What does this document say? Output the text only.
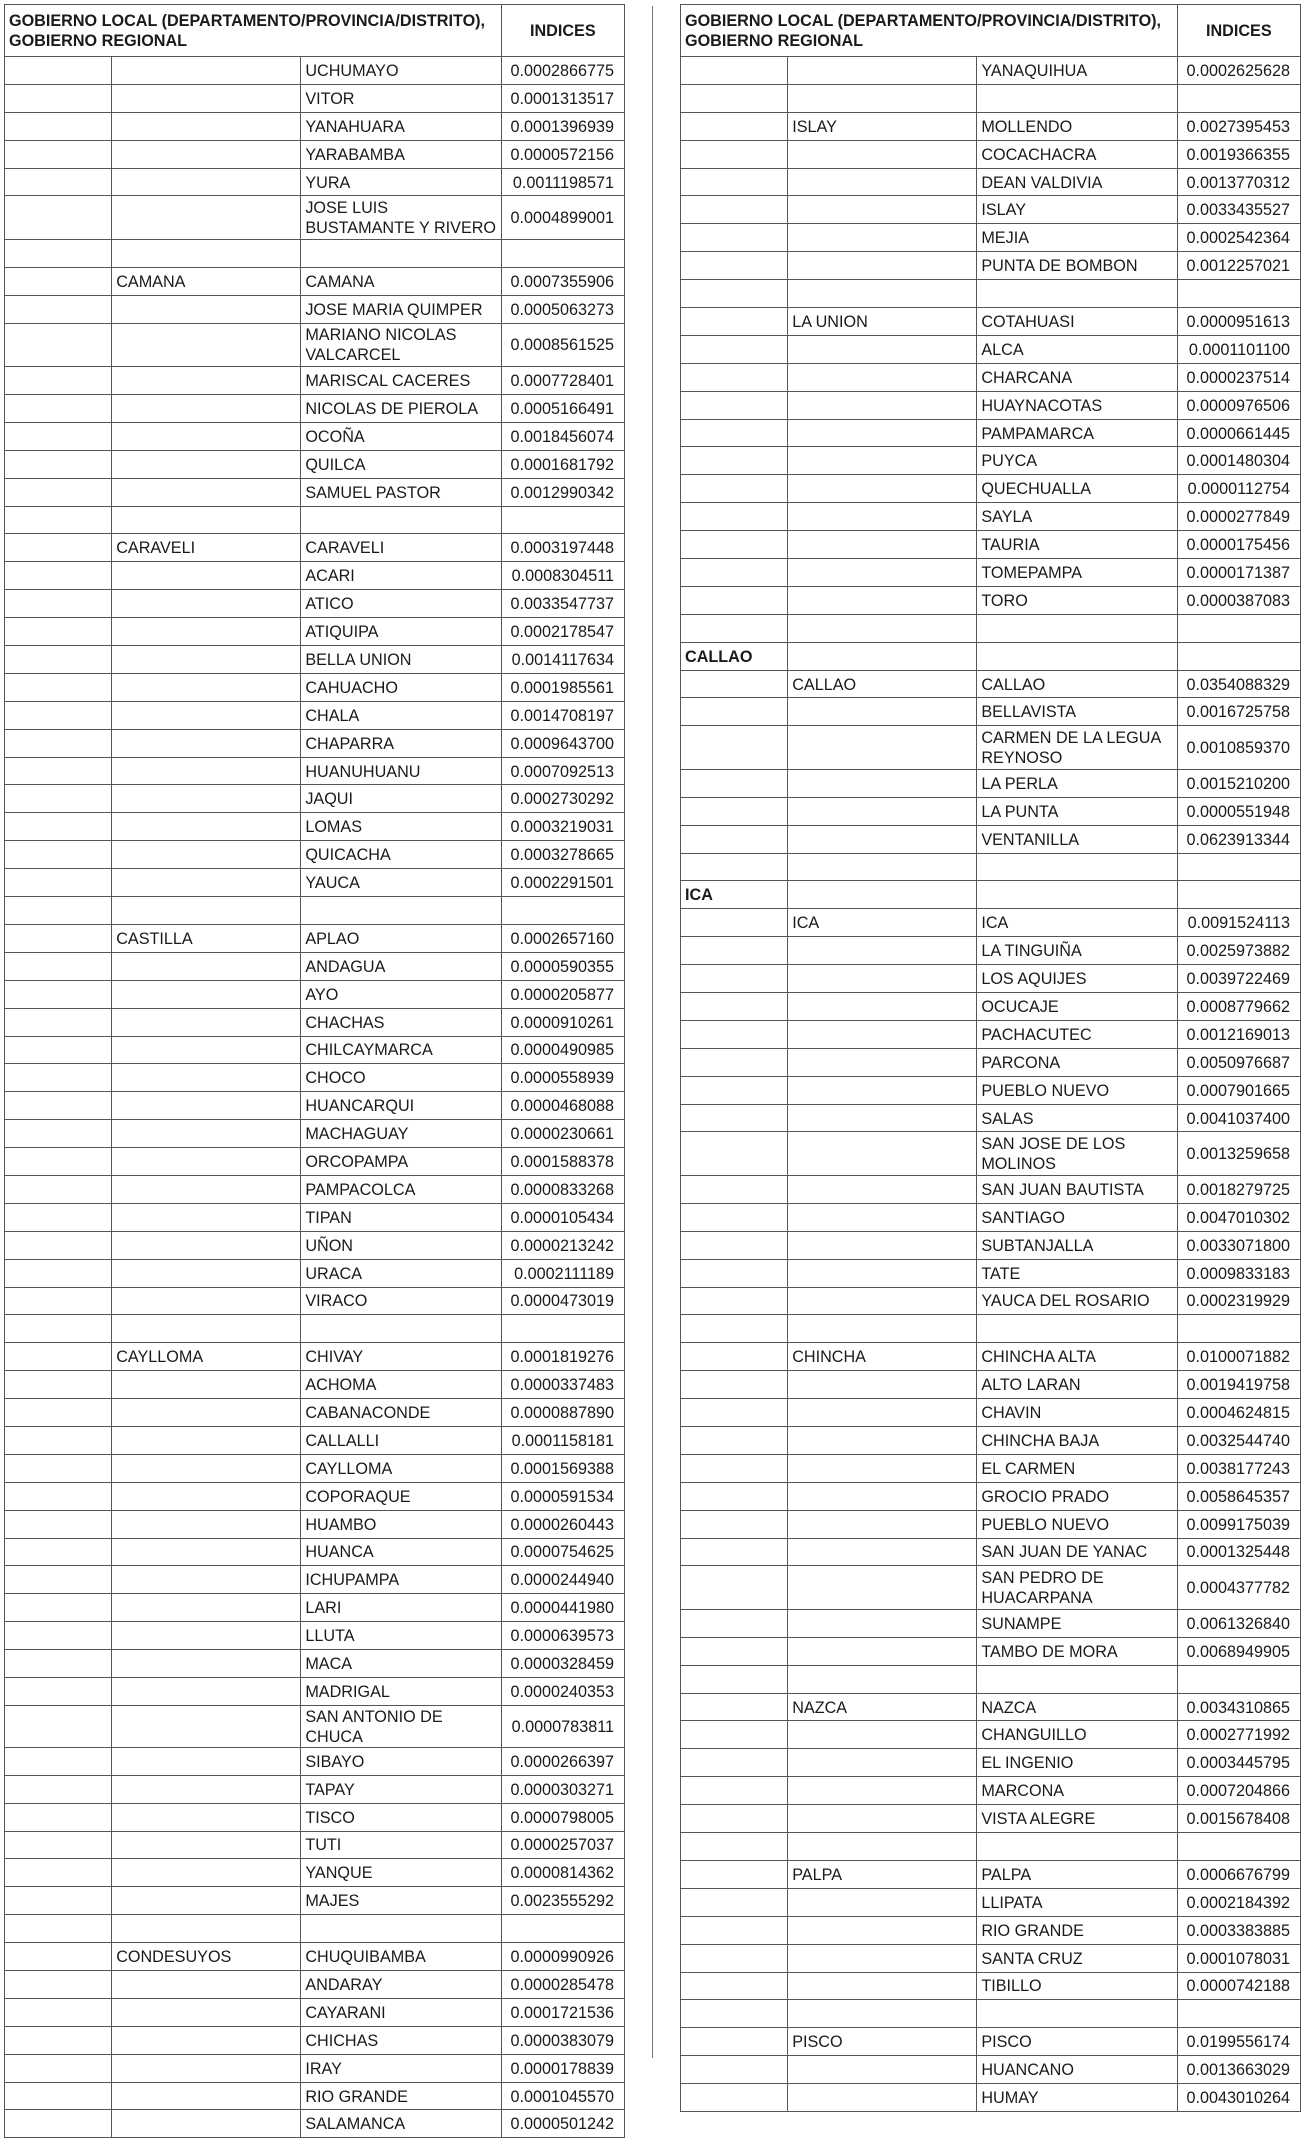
GOBIERNO LOCAL (DEPARTAMENTO/PROVINCIA/DISTRITO), GOBIERNO REGIONAL			INDICES
		UCHUMAYO	0.0002866775
		VITOR	0.0001313517
		YANAHUARA	0.0001396939
		YARABAMBA	0.0000572156
		YURA	0.0011198571
		JOSE LUIS BUSTAMANTE Y RIVERO	0.0004899001

	CAMANA	CAMANA	0.0007355906
		JOSE MARIA QUIMPER	0.0005063273
		MARIANO NICOLAS VALCARCEL	0.0008561525
		MARISCAL CACERES	0.0007728401
		NICOLAS DE PIEROLA	0.0005166491
		OCOÑA	0.0018456074
		QUILCA	0.0001681792
		SAMUEL PASTOR	0.0012990342

	CARAVELI	CARAVELI	0.0003197448
		ACARI	0.0008304511
		ATICO	0.0033547737
		ATIQUIPA	0.0002178547
		BELLA UNION	0.0014117634
		CAHUACHO	0.0001985561
		CHALA	0.0014708197
		CHAPARRA	0.0009643700
		HUANUHUANU	0.0007092513
		JAQUI	0.0002730292
		LOMAS	0.0003219031
		QUICACHA	0.0003278665
		YAUCA	0.0002291501

	CASTILLA	APLAO	0.0002657160
		ANDAGUA	0.0000590355
		AYO	0.0000205877
		CHACHAS	0.0000910261
		CHILCAYMARCA	0.0000490985
		CHOCO	0.0000558939
		HUANCARQUI	0.0000468088
		MACHAGUAY	0.0000230661
		ORCOPAMPA	0.0001588378
		PAMPACOLCA	0.0000833268
		TIPAN	0.0000105434
		UÑON	0.0000213242
		URACA	0.0002111189
		VIRACO	0.0000473019

	CAYLLOMA	CHIVAY	0.0001819276
		ACHOMA	0.0000337483
		CABANACONDE	0.0000887890
		CALLALLI	0.0001158181
		CAYLLOMA	0.0001569388
		COPORAQUE	0.0000591534
		HUAMBO	0.0000260443
		HUANCA	0.0000754625
		ICHUPAMPA	0.0000244940
		LARI	0.0000441980
		LLUTA	0.0000639573
		MACA	0.0000328459
		MADRIGAL	0.0000240353
		SAN ANTONIO DE CHUCA	0.0000783811
		SIBAYO	0.0000266397
		TAPAY	0.0000303271
		TISCO	0.0000798005
		TUTI	0.0000257037
		YANQUE	0.0000814362
		MAJES	0.0023555292

	CONDESUYOS	CHUQUIBAMBA	0.0000990926
		ANDARAY	0.0000285478
		CAYARANI	0.0001721536
		CHICHAS	0.0000383079
		IRAY	0.0000178839
		RIO GRANDE	0.0001045570
		SALAMANCA	0.0000501242
GOBIERNO LOCAL (DEPARTAMENTO/PROVINCIA/DISTRITO), GOBIERNO REGIONAL			INDICES
		YANAQUIHUA	0.0002625628

	ISLAY	MOLLENDO	0.0027395453
		COCACHACRA	0.0019366355
		DEAN VALDIVIA	0.0013770312
		ISLAY	0.0033435527
		MEJIA	0.0002542364
		PUNTA DE BOMBON	0.0012257021

	LA UNION	COTAHUASI	0.0000951613
		ALCA	0.0001101100
		CHARCANA	0.0000237514
		HUAYNACOTAS	0.0000976506
		PAMPAMARCA	0.0000661445
		PUYCA	0.0001480304
		QUECHUALLA	0.0000112754
		SAYLA	0.0000277849
		TAURIA	0.0000175456
		TOMEPAMPA	0.0000171387
		TORO	0.0000387083

CALLAO			
	CALLAO	CALLAO	0.0354088329
		BELLAVISTA	0.0016725758
		CARMEN DE LA LEGUA REYNOSO	0.0010859370
		LA PERLA	0.0015210200
		LA PUNTA	0.0000551948
		VENTANILLA	0.0623913344

ICA			
	ICA	ICA	0.0091524113
		LA TINGUIÑA	0.0025973882
		LOS AQUIJES	0.0039722469
		OCUCAJE	0.0008779662
		PACHACUTEC	0.0012169013
		PARCONA	0.0050976687
		PUEBLO NUEVO	0.0007901665
		SALAS	0.0041037400
		SAN JOSE DE LOS MOLINOS	0.0013259658
		SAN JUAN BAUTISTA	0.0018279725
		SANTIAGO	0.0047010302
		SUBTANJALLA	0.0033071800
		TATE	0.0009833183
		YAUCA DEL ROSARIO	0.0002319929

	CHINCHA	CHINCHA ALTA	0.0100071882
		ALTO LARAN	0.0019419758
		CHAVIN	0.0004624815
		CHINCHA BAJA	0.0032544740
		EL CARMEN	0.0038177243
		GROCIO PRADO	0.0058645357
		PUEBLO NUEVO	0.0099175039
		SAN JUAN DE YANAC	0.0001325448
		SAN PEDRO DE HUACARPANA	0.0004377782
		SUNAMPE	0.0061326840
		TAMBO DE MORA	0.0068949905

	NAZCA	NAZCA	0.0034310865
		CHANGUILLO	0.0002771992
		EL INGENIO	0.0003445795
		MARCONA	0.0007204866
		VISTA ALEGRE	0.0015678408

	PALPA	PALPA	0.0006676799
		LLIPATA	0.0002184392
		RIO GRANDE	0.0003383885
		SANTA CRUZ	0.0001078031
		TIBILLO	0.0000742188

	PISCO	PISCO	0.0199556174
		HUANCANO	0.0013663029
		HUMAY	0.0043010264
